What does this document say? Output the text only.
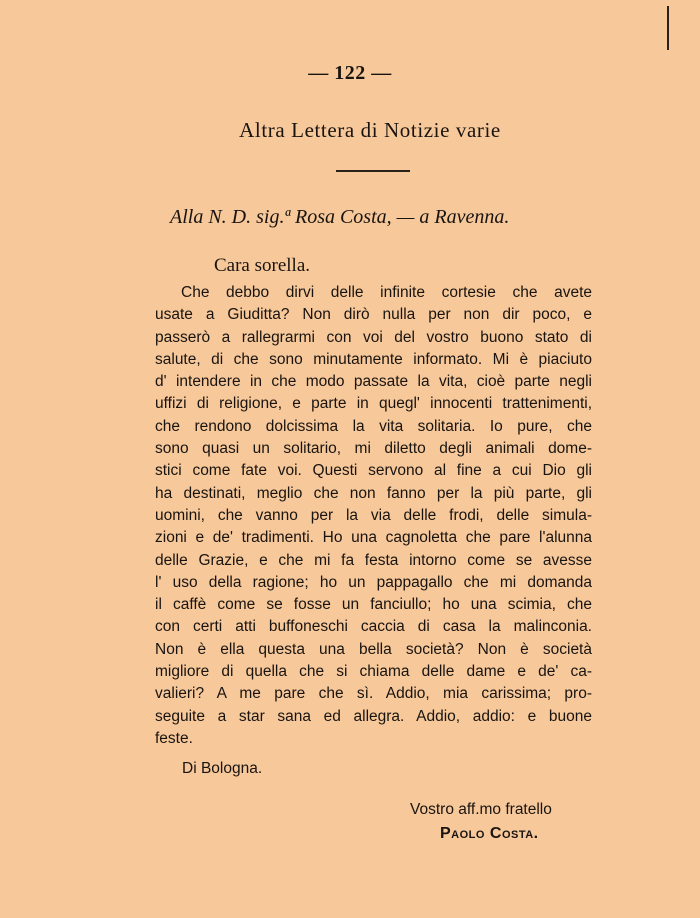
— 122 —
Altra Lettera di Notizie varie
Alla N. D. sig.ª Rosa Costa, — a Ravenna.
Cara sorella.

Che debbo dirvi delle infinite cortesie che avete
usate a Giuditta? Non dirò nulla per non dir poco, e
passerò a rallegrarmi con voi del vostro buono stato di
salute, di che sono minutamente informato. Mi è piaciuto
d' intendere in che modo passate la vita, cioè parte negli
uffizi di religione, e parte in quegl' innocenti trattenimenti,
che rendono dolcissima la vita solitaria. Io pure, che
sono quasi un solitario, mi diletto degli animali dome-
stici come fate voi. Questi servono al fine a cui Dio gli
ha destinati, meglio che non fanno per la più parte, gli
uomini, che vanno per la via delle frodi, delle simula-
zioni e de' tradimenti. Ho una cagnoletta che pare l'alunna
delle Grazie, e che mi fa festa intorno come se avesse
l' uso della ragione; ho un pappagallo che mi domanda
il caffè come se fosse un fanciullo; ho una scimia, che
con certi atti buffoneschi caccia di casa la malinconia.
Non è ella questa una bella società? Non è società
migliore di quella che si chiama delle dame e de' ca-
valieri? A me pare che sì. Addio, mia carissima; pro-
seguite a star sana ed allegra. Addio, addio: e buone
feste.

Di Bologna.
Vostro aff.mo fratello
Paolo Costa.
